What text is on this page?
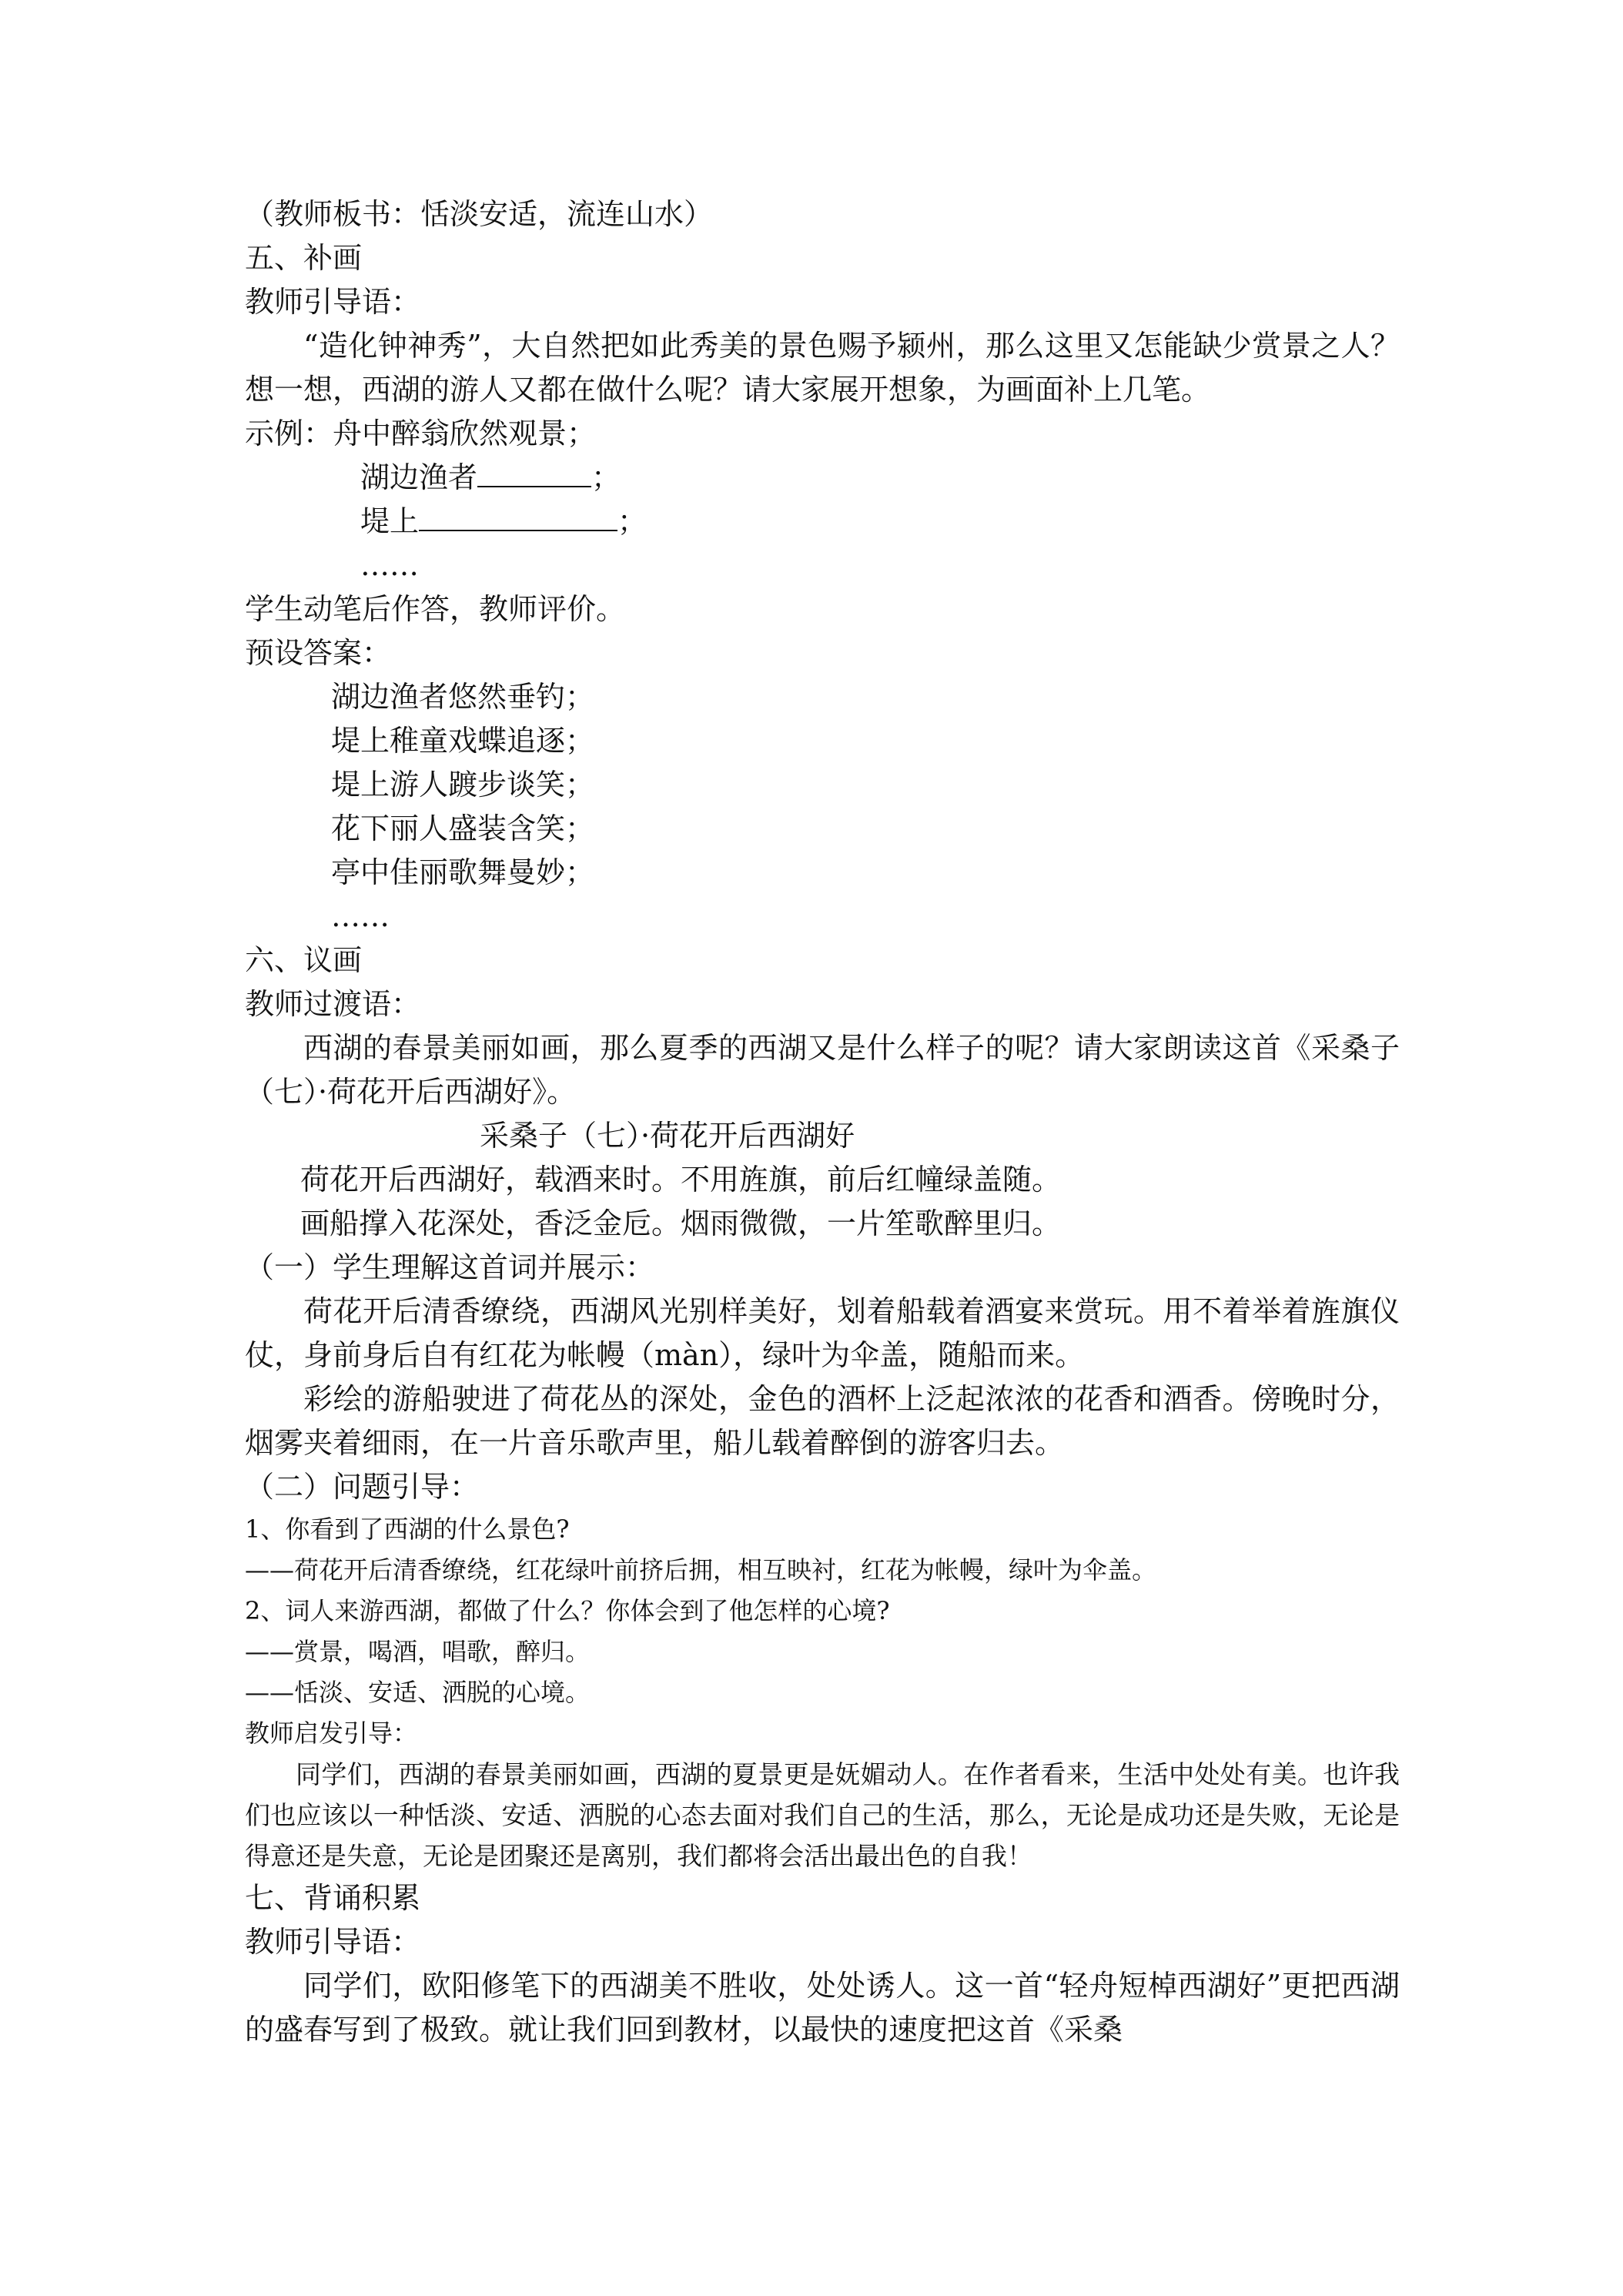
（教师板书：恬淡安适，流连山水）
五、补画
教师引导语：
“造化钟神秀”，大自然把如此秀美的景色赐予颍州，那么这里又怎能缺少赏景之人？想一想，西湖的游人又都在做什么呢？请大家展开想象，为画面补上几笔。
示例：舟中醉翁欣然观景；
湖边渔者	；
堤上	；
……
学生动笔后作答，教师评价。
预设答案：
湖边渔者悠然垂钓；
堤上稚童戏蝶追逐；
堤上游人踱步谈笑；
花下丽人盛装含笑；
亭中佳丽歌舞曼妙；
……
六、议画
教师过渡语：
西湖的春景美丽如画，那么夏季的西湖又是什么样子的呢？请大家朗读这首《采桑子（七）·荷花开后西湖好》。
采桑子（七）·荷花开后西湖好
荷花开后西湖好，载酒来时。不用旌旗，前后红幢绿盖随。
画船撑入花深处，香泛金卮。烟雨微微，一片笙歌醉里归。
（一）学生理解这首词并展示：
荷花开后清香缭绕，西湖风光别样美好，划着船载着酒宴来赏玩。用不着举着旌旗仪仗，身前身后自有红花为帐幔（màn），绿叶为伞盖，随船而来。
彩绘的游船驶进了荷花丛的深处，金色的酒杯上泛起浓浓的花香和酒香。傍晚时分，烟雾夹着细雨，在一片音乐歌声里，船儿载着醉倒的游客归去。
（二）问题引导：
1、你看到了西湖的什么景色?
——荷花开后清香缭绕，红花绿叶前挤后拥，相互映衬，红花为帐幔，绿叶为伞盖。
2、词人来游西湖，都做了什么？你体会到了他怎样的心境?
——赏景，喝酒，唱歌，醉归。
——恬淡、安适、洒脱的心境。
教师启发引导：
同学们，西湖的春景美丽如画，西湖的夏景更是妩媚动人。在作者看来，生活中处处有美。也许我们也应该以一种恬淡、安适、洒脱的心态去面对我们自己的生活，那么，无论是成功还是失败，无论是得意还是失意，无论是团聚还是离别，我们都将会活出最出色的自我！
七、背诵积累
教师引导语：
同学们，欧阳修笔下的西湖美不胜收，处处诱人。这一首“轻舟短棹西湖好”更把西湖的盛春写到了极致。就让我们回到教材，以最快的速度把这首《采桑
